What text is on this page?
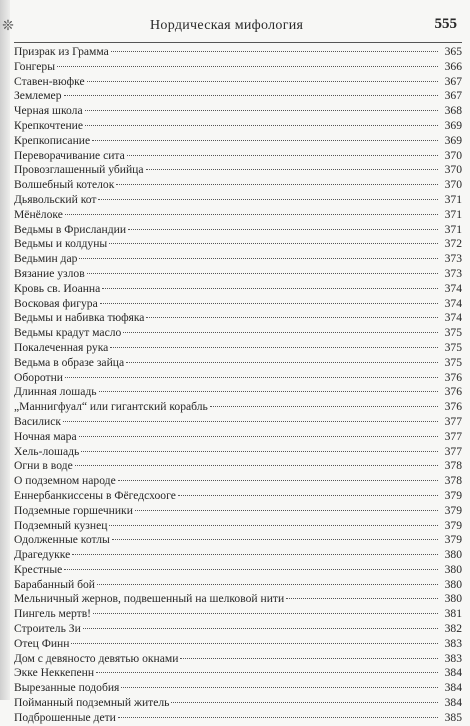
❊	Нордическая мифология	555
Призрак из Грамма	365
Гонгеры	366
Ставен-вюфке	367
Землемер	367
Черная школа	368
Крепкочтение	369
Крепкописание	369
Переворачивание сита	370
Провозглашенный убийца	370
Волшебный котелок	370
Дьявольский кот	371
Мёнёлоке	371
Ведьмы в Фрисландии	371
Ведьмы и колдуны	372
Ведьмин дар	373
Вязание узлов	373
Кровь св. Иоанна	374
Восковая фигура	374
Ведьмы и набивка тюфяка	374
Ведьмы крадут масло	375
Покалеченная рука	375
Ведьма в образе зайца	375
Оборотни	376
Длинная лошадь	376
„Маннигфуал“ или гигантский корабль	376
Василиск	377
Ночная мара	377
Хель-лошадь	377
Огни в воде	378
О подземном народе	378
Еннербанкиссены в Фёгедсхооге	379
Подземные горшечники	379
Подземный кузнец	379
Одолженные котлы	379
Драгедукке	380
Крестные	380
Барабанный бой	380
Мельничный жернов, подвешенный на шелковой нити	380
Пингель мертв!	381
Строитель Зи	382
Отец Финн	383
Дом с девяносто девятью окнами	383
Экке Неккепенн	384
Вырезанные подобия	384
Пойманный подземный житель	384
Подброшенные дети	385
